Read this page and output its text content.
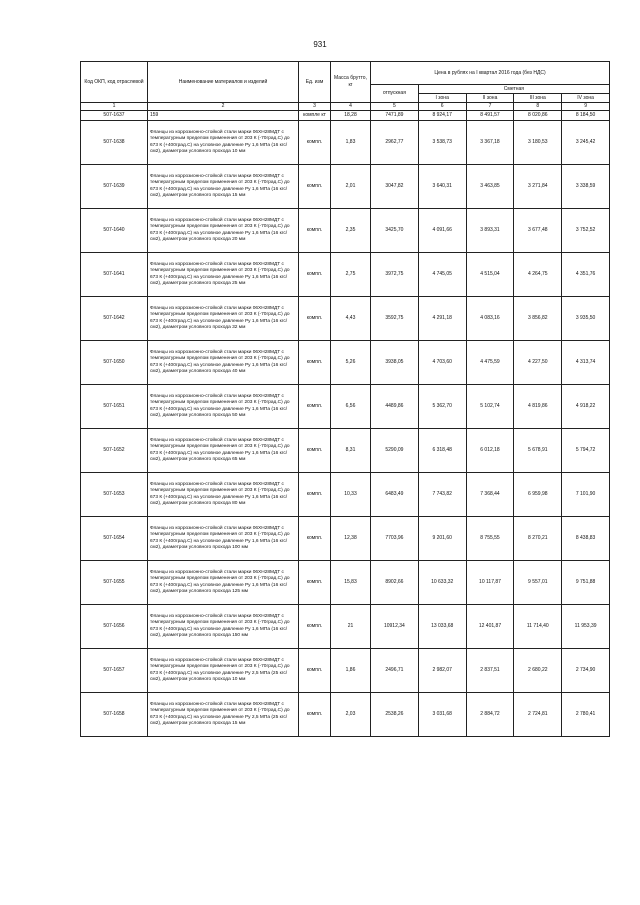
931
Код ОКП, код отраслевой	Наименование материалов и изделий	Ед. изм	Масса брутто, кг	Цена в рублях на I квартал 2016 года (без НДС)				
				отпускная	Сметная			
					I зона	II зона	III зона	IV зона
1	2	3	4	5	6	7	8	9
507-1637	159	компле кт	18,28	7471,89	8 924,17	8 491,57	8 020,86	8 184,50
507-1638	Фланцы из коррозионно-стойкой стали марки 06ХН28МДТ с температурным пределом применения от 203 К (-70град.С) до 673 К (+400град.С) на условное давление Ру 1,6 МПа (16 кгс/см2), диаметром условного прохода 10 мм	компл.	1,83	2962,77	3 538,73	3 367,18	3 180,53	3 245,42
507-1639	Фланцы из коррозионно-стойкой стали марки 06ХН28МДТ с температурным пределом применения от 203 К (-70град.С) до 673 К (+400град.С) на условное давление Ру 1,6 МПа (16 кгс/см2), диаметром условного прохода 15 мм	компл.	2,01	3047,82	3 640,31	3 463,85	3 271,84	3 338,59
507-1640	Фланцы из коррозионно-стойкой стали марки 06ХН28МДТ с температурным пределом применения от 203 К (-70град.С) до 673 К (+400град.С) на условное давление Ру 1,6 МПа (16 кгс/см2), диаметром условного прохода 20 мм	компл.	2,35	3425,70	4 091,66	3 893,31	3 677,48	3 752,52
507-1641	Фланцы из коррозионно-стойкой стали марки 06ХН28МДТ с температурным пределом применения от 203 К (-70град.С) до 673 К (+400град.С) на условное давление Ру 1,6 МПа (16 кгс/см2), диаметром условного прохода 25 мм	компл.	2,75	3972,75	4 745,05	4 515,04	4 264,75	4 351,76
507-1642	Фланцы из коррозионно-стойкой стали марки 06ХН28МДТ с температурным пределом применения от 203 К (-70град.С) до 673 К (+400град.С) на условное давление Ру 1,6 МПа (16 кгс/см2), диаметром условного прохода 32 мм	компл.	4,43	3592,75	4 291,18	4 083,16	3 856,82	3 935,50
507-1650	Фланцы из коррозионно-стойкой стали марки 06ХН28МДТ с температурным пределом применения от 203 К (-70град.С) до 673 К (+400град.С) на условное давление Ру 1,6 МПа (16 кгс/см2), диаметром условного прохода 40 мм	компл.	5,26	3938,05	4 703,60	4 475,59	4 227,50	4 313,74
507-1651	Фланцы из коррозионно-стойкой стали марки 06ХН28МДТ с температурным пределом применения от 203 К (-70град.С) до 673 К (+400град.С) на условное давление Ру 1,6 МПа (16 кгс/см2), диаметром условного прохода 50 мм	компл.	6,56	4489,86	5 362,70	5 102,74	4 819,86	4 918,22
507-1652	Фланцы из коррозионно-стойкой стали марки 06ХН28МДТ с температурным пределом применения от 203 К (-70град.С) до 673 К (+400град.С) на условное давление Ру 1,6 МПа (16 кгс/см2), диаметром условного прохода 65 мм	компл.	8,31	5290,09	6 318,48	6 012,18	5 678,91	5 794,72
507-1653	Фланцы из коррозионно-стойкой стали марки 06ХН28МДТ с температурным пределом применения от 203 К (-70град.С) до 673 К (+400град.С) на условное давление Ру 1,6 МПа (16 кгс/см2), диаметром условного прохода 80 мм	компл.	10,33	6483,49	7 743,82	7 368,44	6 959,98	7 101,90
507-1654	Фланцы из коррозионно-стойкой стали марки 06ХН28МДТ с температурным пределом применения от 203 К (-70град.С) до 673 К (+400град.С) на условное давление Ру 1,6 МПа (16 кгс/см2), диаметром условного прохода 100 мм	компл.	12,38	7703,96	9 201,60	8 755,55	8 270,21	8 438,83
507-1655	Фланцы из коррозионно-стойкой стали марки 06ХН28МДТ с температурным пределом применения от 203 К (-70град.С) до 673 К (+400град.С) на условное давление Ру 1,6 МПа (16 кгс/см2), диаметром условного прохода 125 мм	компл.	15,83	8902,66	10 633,32	10 117,87	9 557,01	9 751,88
507-1656	Фланцы из коррозионно-стойкой стали марки 06ХН28МДТ с температурным пределом применения от 203 К (-70град.С) до 673 К (+400град.С) на условное давление Ру 1,6 МПа (16 кгс/см2), диаметром условного прохода 150 мм	компл.	21	10912,34	13 033,68	12 401,87	11 714,40	11 953,39
507-1657	Фланцы из коррозионно-стойкой стали марки 06ХН28МДТ с температурным пределом применения от 203 К (-70град.С) до 673 К (+400град.С) на условное давление Ру 2,5 МПа (25 кгс/см2), диаметром условного прохода 10 мм	компл.	1,86	2496,71	2 982,07	2 837,51	2 680,22	2 734,90
507-1658	Фланцы из коррозионно-стойкой стали марки 06ХН28МДТ с температурным пределом применения от 203 К (-70град.С) до 673 К (+400град.С) на условное давление Ру 2,5 МПа (25 кгс/см2), диаметром условного прохода 15 мм	компл.	2,03	2538,26	3 031,68	2 884,72	2 724,81	2 780,41
